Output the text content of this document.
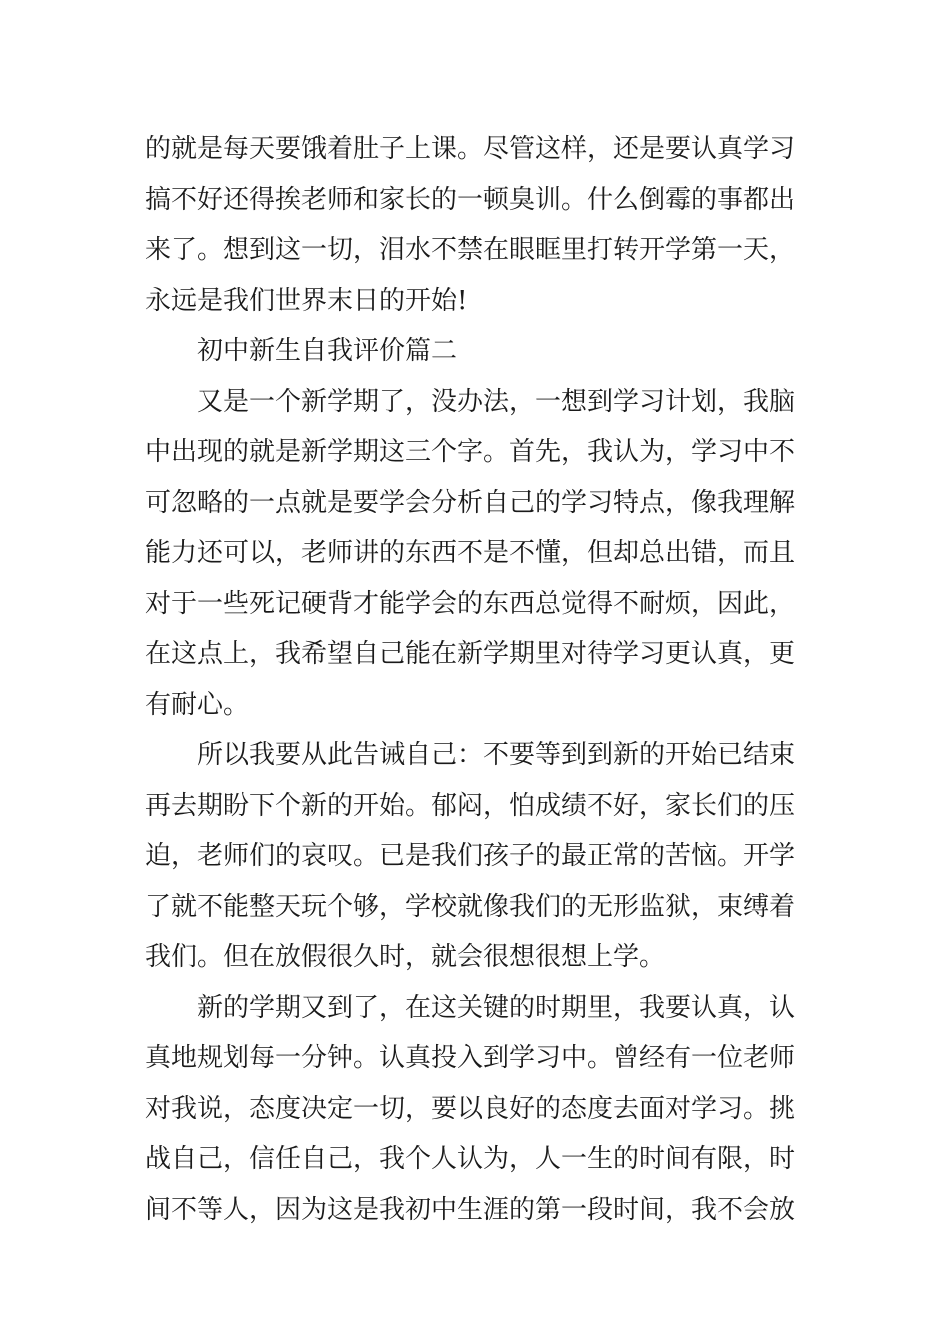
的就是每天要饿着肚子上课。尽管这样，还是要认真学习
搞不好还得挨老师和家长的一顿臭训。什么倒霉的事都出
来了。想到这一切，泪水不禁在眼眶里打转开学第一天，
永远是我们世界末日的开始!
初中新生自我评价篇二
又是一个新学期了，没办法，一想到学习计划，我脑
中出现的就是新学期这三个字。首先，我认为，学习中不
可忽略的一点就是要学会分析自己的学习特点，像我理解
能力还可以，老师讲的东西不是不懂，但却总出错，而且
对于一些死记硬背才能学会的东西总觉得不耐烦，因此，
在这点上，我希望自己能在新学期里对待学习更认真，更
有耐心。
所以我要从此告诫自己：不要等到到新的开始已结束
再去期盼下个新的开始。郁闷，怕成绩不好，家长们的压
迫，老师们的哀叹。已是我们孩子的最正常的苦恼。开学
了就不能整天玩个够，学校就像我们的无形监狱，束缚着
我们。但在放假很久时，就会很想很想上学。
新的学期又到了，在这关键的时期里，我要认真，认
真地规划每一分钟。认真投入到学习中。曾经有一位老师
对我说，态度决定一切，要以良好的态度去面对学习。挑
战自己，信任自己，我个人认为，人一生的时间有限，时
间不等人，因为这是我初中生涯的第一段时间，我不会放
